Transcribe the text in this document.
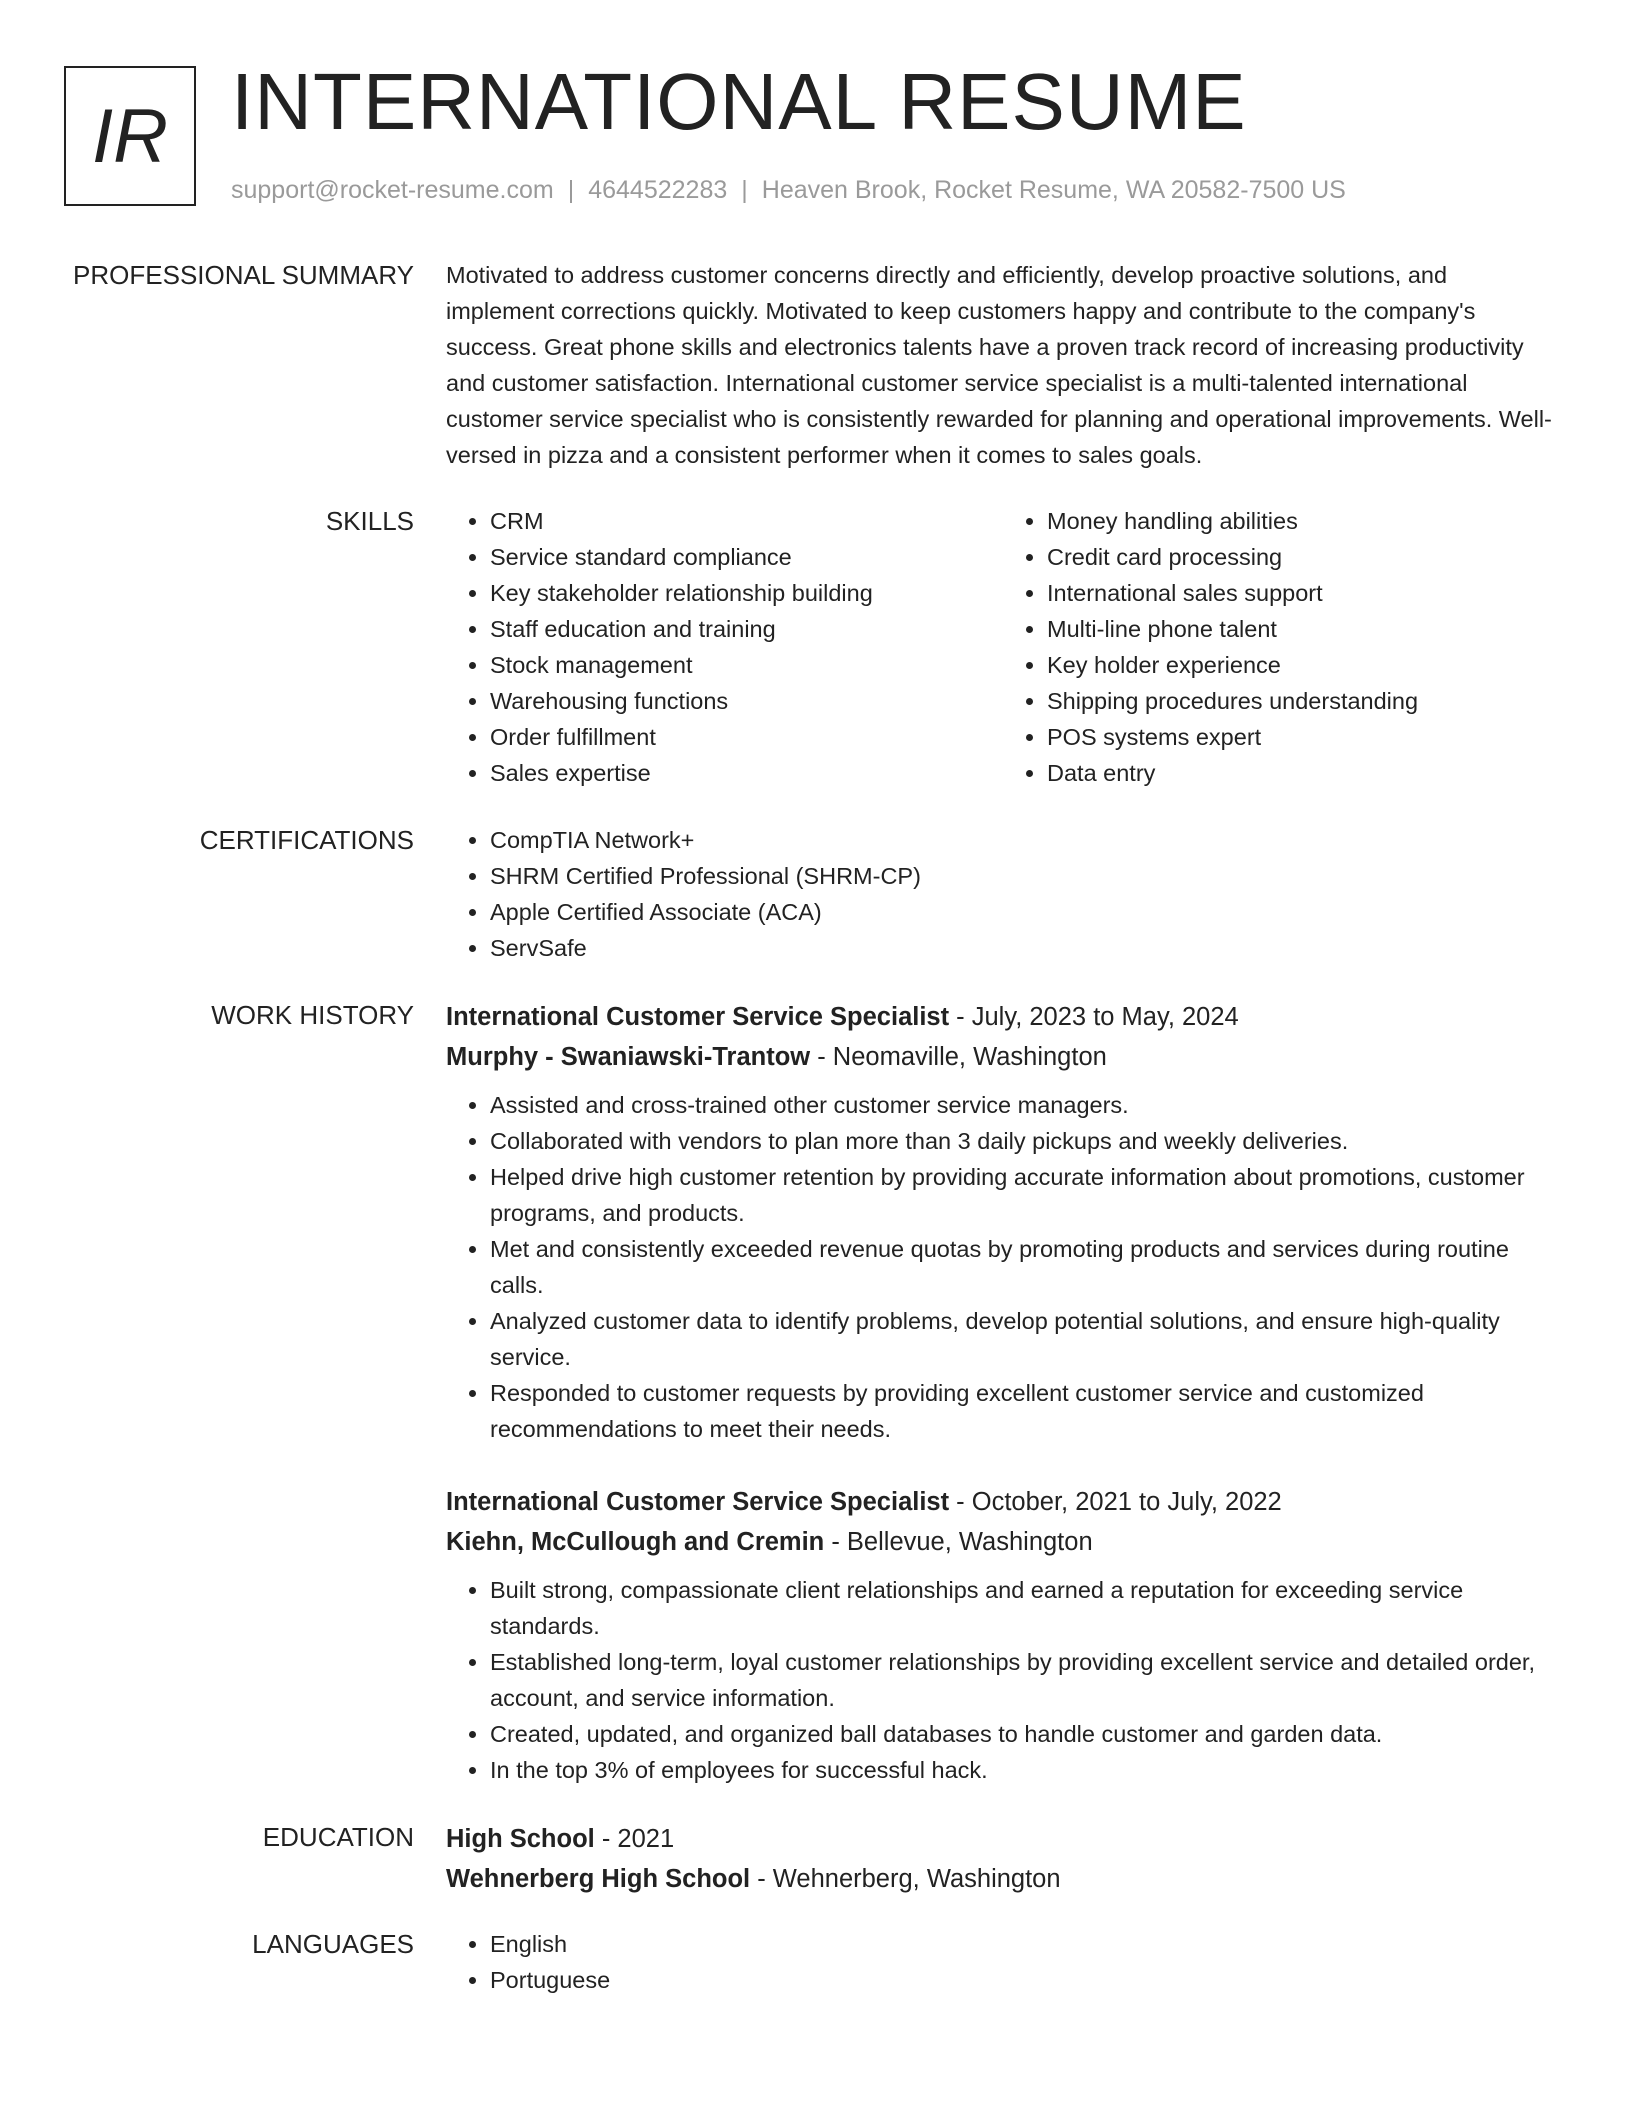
IR INTERNATIONAL RESUME
support@rocket-resume.com | 4644522283 | Heaven Brook, Rocket Resume, WA 20582-7500 US
PROFESSIONAL SUMMARY Motivated to address customer concerns directly and efficiently, develop proactive solutions, and implement corrections quickly. Motivated to keep customers happy and contribute to the company's success. Great phone skills and electronics talents have a proven track record of increasing productivity and customer satisfaction. International customer service specialist is a multi-talented international customer service specialist who is consistently rewarded for planning and operational improvements. Well-versed in pizza and a consistent performer when it comes to sales goals.

SKILLS	• CRM
• Service standard compliance
• Key stakeholder relationship building
• Staff education and training
• Stock management
• Warehousing functions
• Order fulfillment
• Sales expertise
• Money handling abilities
• Credit card processing
• International sales support
• Multi-line phone talent
• Key holder experience
• Shipping procedures understanding
• POS systems expert
• Data entry
CERTIFICATIONS	• CompTIA Network+
• SHRM Certified Professional (SHRM-CP)
• Apple Certified Associate (ACA)
• ServSafe
WORK HISTORY International Customer Service Specialist - July, 2023 to May, 2024
Murphy - Swaniawski-Trantow - Neomaville, Washington
• Assisted and cross-trained other customer service managers.
• Collaborated with vendors to plan more than 3 daily pickups and weekly deliveries.
• Helped drive high customer retention by providing accurate information about promotions, customer programs, and products.
• Met and consistently exceeded revenue quotas by promoting products and services during routine calls.
• Analyzed customer data to identify problems, develop potential solutions, and ensure high-quality service.
• Responded to customer requests by providing excellent customer service and customized recommendations to meet their needs.
International Customer Service Specialist - October, 2021 to July, 2022
Kiehn, McCullough and Cremin - Bellevue, Washington
• Built strong, compassionate client relationships and earned a reputation for exceeding service standards.
• Established long-term, loyal customer relationships by providing excellent service and detailed order, account, and service information.
• Created, updated, and organized ball databases to handle customer and garden data.
• In the top 3% of employees for successful hack.
EDUCATION High School - 2021
Wehnerberg High School - Wehnerberg, Washington
LANGUAGES	• English
• Portuguese
